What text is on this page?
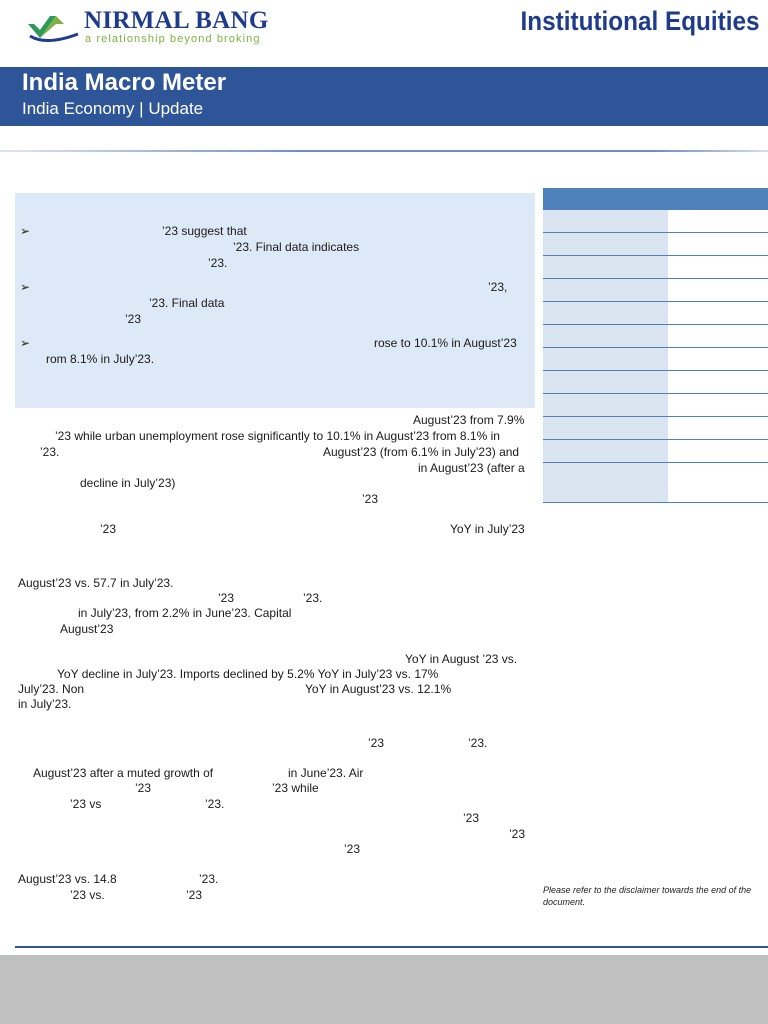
NIRMAL BANG
a relationship beyond broking
Institutional Equities
India Macro Meter
India Economy | Update
➢	’23 suggest that
’23. Final data indicates
’23.
➢	’23,
’23. Final data
’23
➢	rose to 10.1% in August’23
rom 8.1% in July’23.
August’23 from 7.9%
’23 while urban unemployment rose significantly to 10.1% in August’23 from 8.1% in
’23.	August’23 (from 6.1% in July’23) and
in August’23 (after a
decline in July’23)
’23
’23	YoY in July’23
August’23 vs. 57.7 in July’23.
’23	’23.
in July’23, from 2.2% in June’23. Capital
August’23
YoY in August ’23 vs.
YoY decline in July’23. Imports declined by 5.2% YoY in July’23 vs. 17%
July’23. Non	YoY in August’23 vs. 12.1%
in July’23.
’23	’23.
August’23 after a muted growth of	in June’23. Air
’23	’23 while
’23 vs	’23.
’23
’23
’23
August’23 vs. 14.8	’23.
’23 vs.	’23	Please refer to the disclaimer towards the end of the document.
